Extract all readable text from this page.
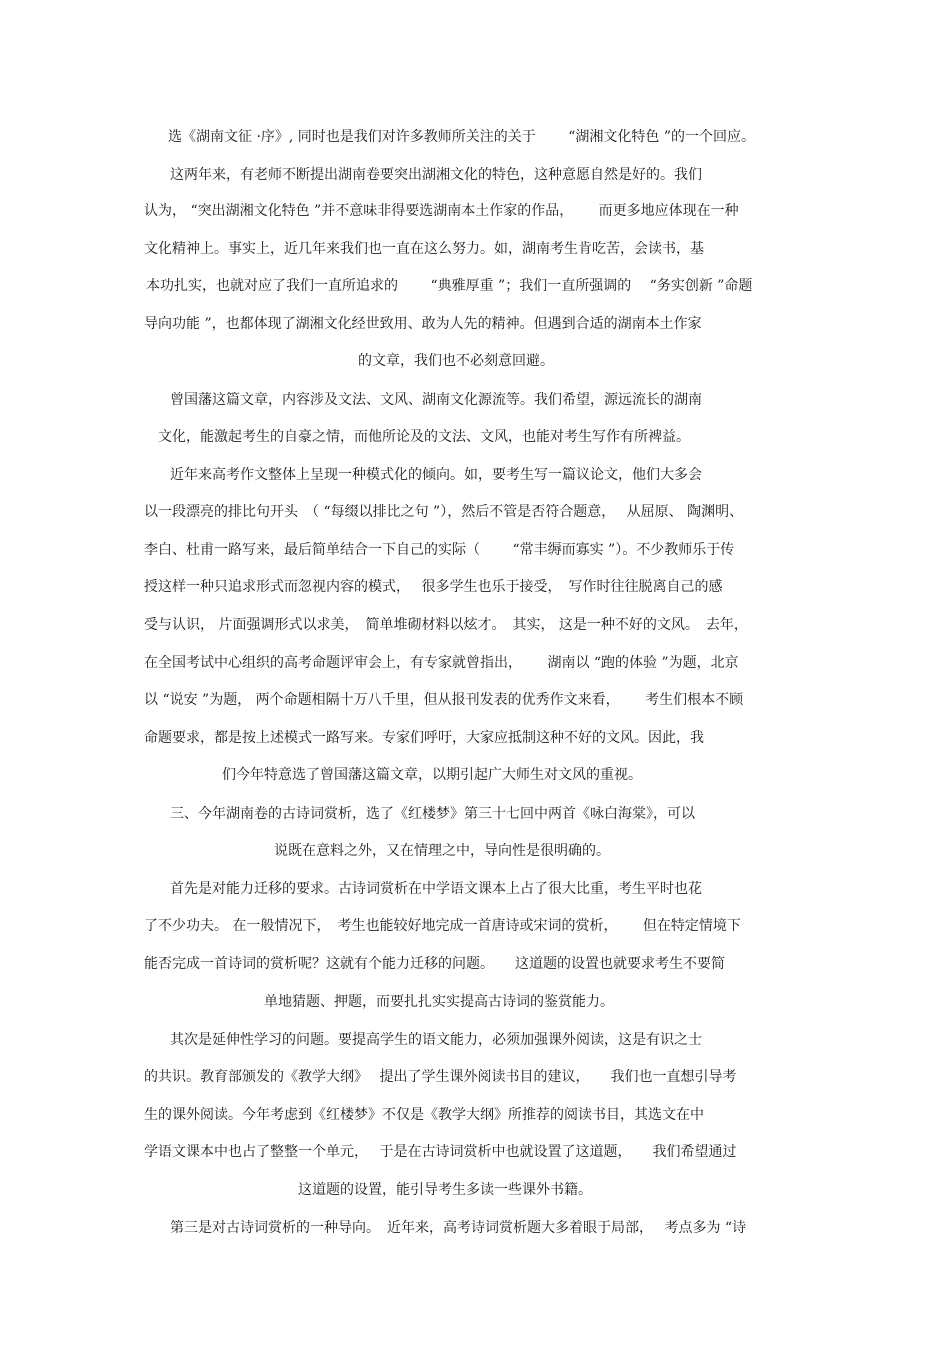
选《湖南文征 ·序》, 同时也是我们对许多教师所关注的关于　　 “湖湘文化特色 ”的一个回应。

这两年来，有老师不断提出湖南卷要突出湖湘文化的特色，这种意愿自然是好的。我们

认为， “突出湖湘文化特色 ”并不意味非得要选湖南本土作家的作品，　　 而更多地应体现在一种

文化精神上。事实上，近几年来我们也一直在这么努力。如，湖南考生肯吃苦，会读书，基

本功扎实，也就对应了我们一直所追求的　　 “典雅厚重 ”；我们一直所强调的　 “务实创新 ”命题

导向功能 ”，也都体现了湖湘文化经世致用、敢为人先的精神。但遇到合适的湖南本土作家

的文章，我们也不必刻意回避。

曾国藩这篇文章，内容涉及文法、文风、湖南文化源流等。我们希望，源远流长的湖南

文化，能激起考生的自豪之情，而他所论及的文法、文风，也能对考生写作有所裨益。

近年来高考作文整体上呈现一种模式化的倾向。如，要考生写一篇议论文，他们大多会

以一段漂亮的排比句开头　（ “每缀以排比之句 ”），然后不管是否符合题意，　 从屈原、 陶渊明、

李白、杜甫一路写来，最后简单结合一下自己的实际（　　 “常丰缛而寡实 ”）。不少教师乐于传

授这样一种只追求形式而忽视内容的模式，　 很多学生也乐于接受，　写作时往往脱离自己的感

受与认识， 片面强调形式以求美，　简单堆砌材料以炫才。　其实， 这是一种不好的文风。　去年，

在全国考试中心组织的高考命题评审会上，有专家就曾指出，　　 湖南以 “跑的体验 ”为题，北京

以 “说安 ”为题， 两个命题相隔十万八千里，但从报刊发表的优秀作文来看，　　 考生们根本不顾

命题要求，都是按上述模式一路写来。专家们呼吁，大家应抵制这种不好的文风。因此，我

们今年特意选了曾国藩这篇文章，以期引起广大师生对文风的重视。

三、今年湖南卷的古诗词赏析，选了《红楼梦》第三十七回中两首《咏白海棠》，可以

说既在意料之外，又在情理之中，导向性是很明确的。

首先是对能力迁移的要求。古诗词赏析在中学语文课本上占了很大比重，考生平时也花

了不少功夫。 在一般情况下，　考生也能较好地完成一首唐诗或宋词的赏析，　　 但在特定情境下

能否完成一首诗词的赏析呢？这就有个能力迁移的问题。　　这道题的设置也就要求考生不要简

单地猜题、押题，而要扎扎实实提高古诗词的鉴赏能力。

其次是延伸性学习的问题。要提高学生的语文能力，必须加强课外阅读，这是有识之士

的共识。教育部颁发的《教学大纲》　 提出了学生课外阅读书目的建议，　　我们也一直想引导考

生的课外阅读。今年考虑到《红楼梦》不仅是《教学大纲》所推荐的阅读书目，其选文在中

学语文课本中也占了整整一个单元，　 于是在古诗词赏析中也就设置了这道题，　　我们希望通过

这道题的设置，能引导考生多读一些课外书籍。

第三是对古诗词赏析的一种导向。　近年来，高考诗词赏析题大多着眼于局部，　 考点多为 “诗
